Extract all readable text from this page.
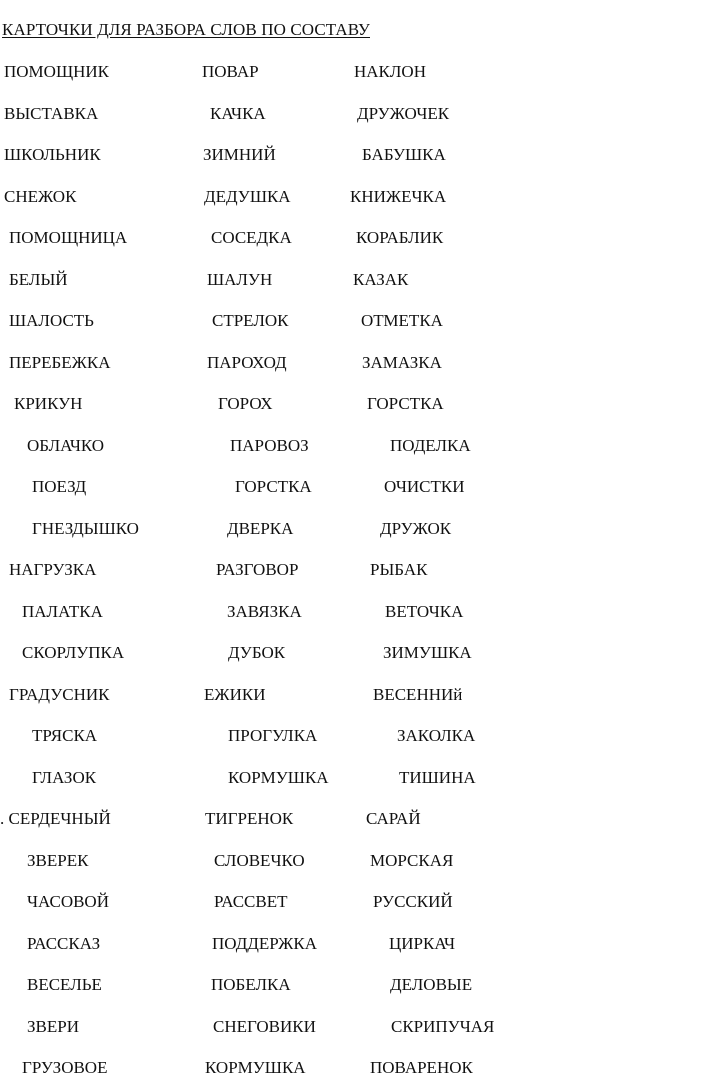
КАРТОЧКИ ДЛЯ РАЗБОРА СЛОВ ПО СОСТАВУ
ПОМОЩНИК	ПОВАР	НАКЛОН
ВЫСТАВКА	КАЧКА	ДРУЖОЧЕК
ШКОЛЬНИК	ЗИМНИЙ	БАБУШКА
СНЕЖОК	ДЕДУШКА	КНИЖЕЧКА
ПОМОЩНИЦА	СОСЕДКА	КОРАБЛИК
БЕЛЫЙ	ШАЛУН	КАЗАК
ШАЛОСТЬ	СТРЕЛОК	ОТМЕТКА
ПЕРЕБЕЖКА	ПАРОХОД	ЗАМАЗКА
КРИКУН	ГОРОХ	ГОРСТКА
ОБЛАЧКО	ПАРОВОЗ	ПОДЕЛКА
ПОЕЗД	ГОРСТКА	ОЧИСТКИ
ГНЕЗДЫШКО	ДВЕРКА	ДРУЖОК
НАГРУЗКА	РАЗГОВОР	РЫБАК
ПАЛАТКА	ЗАВЯЗКА	ВЕТОЧКА
СКОРЛУПКА	ДУБОК	ЗИМУШКА
ГРАДУСНИК	ЕЖИКИ	ВЕСЕННИй
ТРЯСКА	ПРОГУЛКА	ЗАКОЛКА
ГЛАЗОК	КОРМУШКА	ТИШИНА
. СЕРДЕЧНЫЙ	ТИГРЕНОК	САРАЙ
ЗВЕРЕК	СЛОВЕЧКО	МОРСКАЯ
ЧАСОВОЙ	РАССВЕТ	РУССКИЙ
РАССКАЗ	ПОДДЕРЖКА	ЦИРКАЧ
ВЕСЕЛЬЕ	ПОБЕЛКА	ДЕЛОВЫЕ
ЗВЕРИ	СНЕГОВИКИ	СКРИПУЧАЯ
ГРУЗОВОЕ	КОРМУШКА	ПОВАРЕНОК
